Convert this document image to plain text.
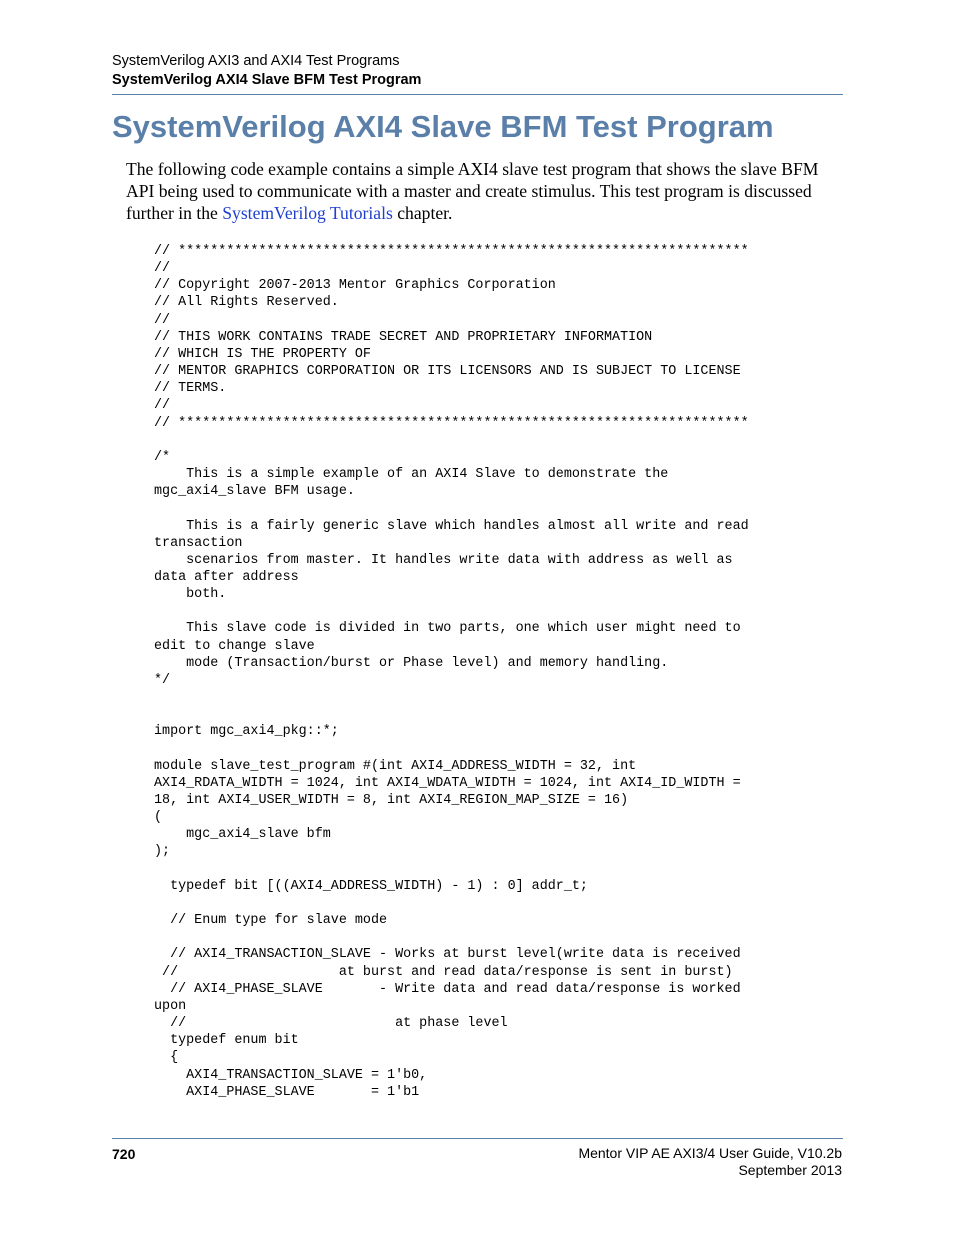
SystemVerilog AXI3 and AXI4 Test Programs
SystemVerilog AXI4 Slave BFM Test Program
SystemVerilog AXI4 Slave BFM Test Program

The following code example contains a simple AXI4 slave test program that shows the slave BFM API being used to communicate with a master and create stimulus. This test program is discussed further in the SystemVerilog Tutorials chapter.

// ***********************************************************************
//
// Copyright 2007-2013 Mentor Graphics Corporation
// All Rights Reserved.
//
// THIS WORK CONTAINS TRADE SECRET AND PROPRIETARY INFORMATION
// WHICH IS THE PROPERTY OF
// MENTOR GRAPHICS CORPORATION OR ITS LICENSORS AND IS SUBJECT TO LICENSE
// TERMS.
//
// ***********************************************************************

/*
This is a simple example of an AXI4 Slave to demonstrate the
mgc_axi4_slave BFM usage.

This is a fairly generic slave which handles almost all write and read
transaction
scenarios from master. It handles write data with address as well as
data after address
both.

This slave code is divided in two parts, one which user might need to
edit to change slave
mode (Transaction/burst or Phase level) and memory handling.
*/

import mgc_axi4_pkg::*;

module slave_test_program #(int AXI4_ADDRESS_WIDTH = 32, int
AXI4_RDATA_WIDTH = 1024, int AXI4_WDATA_WIDTH = 1024, int AXI4_ID_WIDTH =
18, int AXI4_USER_WIDTH = 8, int AXI4_REGION_MAP_SIZE = 16)
(
mgc_axi4_slave bfm
);

typedef bit [((AXI4_ADDRESS_WIDTH) - 1) : 0] addr_t;

// Enum type for slave mode

// AXI4_TRANSACTION_SLAVE - Works at burst level(write data is received
//                    at burst and read data/response is sent in burst)
// AXI4_PHASE_SLAVE       - Write data and read data/response is worked
upon
//                          at phase level
typedef enum bit
{
AXI4_TRANSACTION_SLAVE = 1'b0,
AXI4_PHASE_SLAVE       = 1'b1
720	Mentor VIP AE AXI3/4 User Guide, V10.2b
September 2013
